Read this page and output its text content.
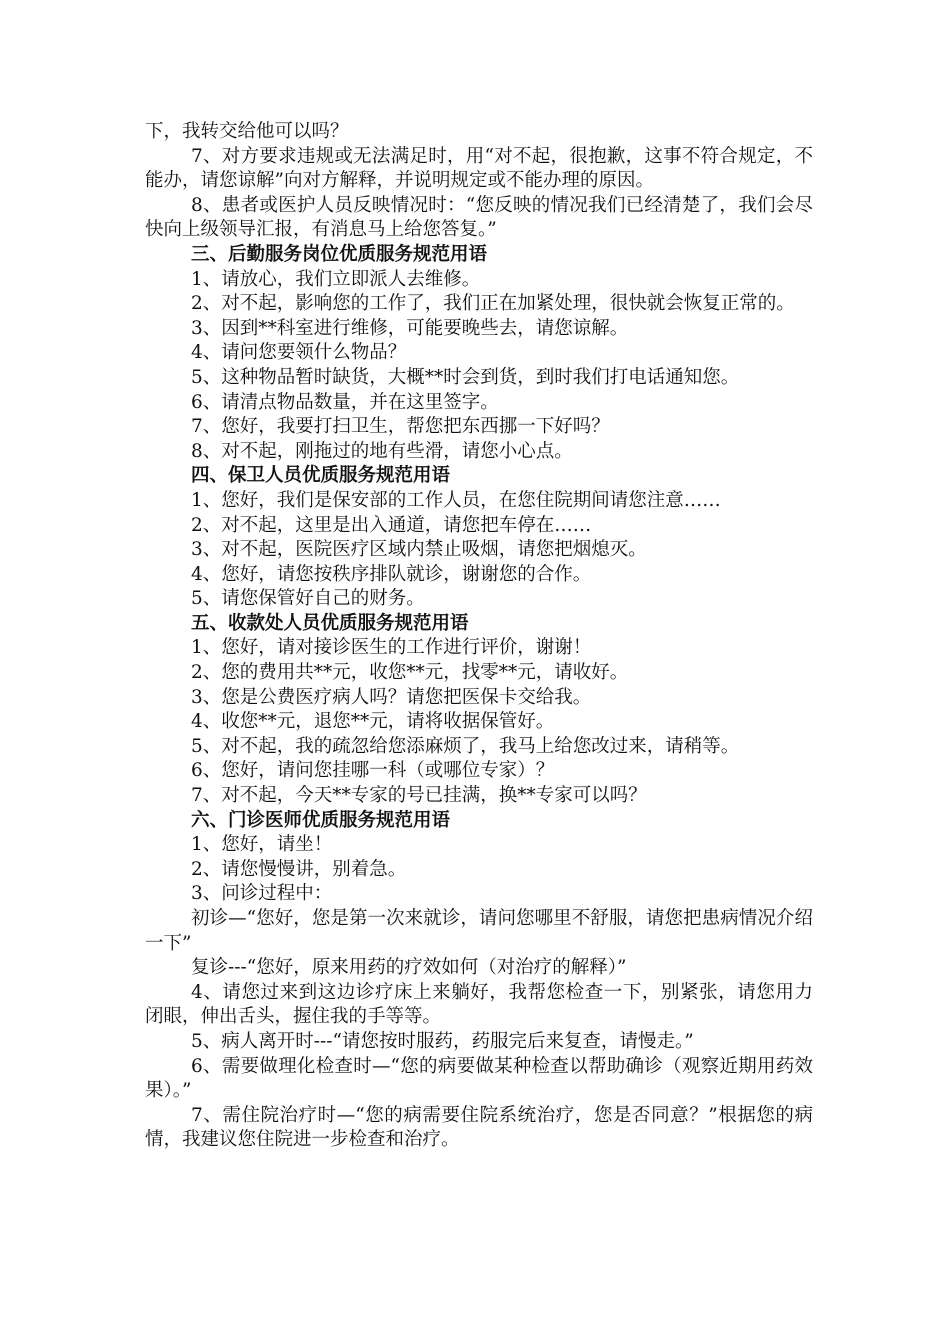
下，我转交给他可以吗？

7、对方要求违规或无法满足时，用“对不起，很抱歉，这事不符合规定，不能办，请您谅解”向对方解释，并说明规定或不能办理的原因。

8、患者或医护人员反映情况时：“您反映的情况我们已经清楚了，我们会尽快向上级领导汇报，有消息马上给您答复。”

三、后勤服务岗位优质服务规范用语

1、请放心，我们立即派人去维修。

2、对不起，影响您的工作了，我们正在加紧处理，很快就会恢复正常的。

3、因到**科室进行维修，可能要晚些去，请您谅解。

4、请问您要领什么物品？

5、这种物品暂时缺货，大概**时会到货，到时我们打电话通知您。

6、请清点物品数量，并在这里签字。

7、您好，我要打扫卫生，帮您把东西挪一下好吗？

8、对不起，刚拖过的地有些滑，请您小心点。

四、保卫人员优质服务规范用语

1、您好，我们是保安部的工作人员，在您住院期间请您注意……

2、对不起，这里是出入通道，请您把车停在……

3、对不起，医院医疗区域内禁止吸烟，请您把烟熄灭。

4、您好，请您按秩序排队就诊，谢谢您的合作。

5、请您保管好自己的财务。

五、收款处人员优质服务规范用语

1、您好，请对接诊医生的工作进行评价，谢谢！

2、您的费用共**元，收您**元，找零**元，请收好。

3、您是公费医疗病人吗？请您把医保卡交给我。

4、收您**元，退您**元，请将收据保管好。

5、对不起，我的疏忽给您添麻烦了，我马上给您改过来，请稍等。

6、您好，请问您挂哪一科（或哪位专家）？

7、对不起，今天**专家的号已挂满，换**专家可以吗？

六、门诊医师优质服务规范用语

1、您好，请坐！

2、请您慢慢讲，别着急。

3、问诊过程中：

初诊—“您好，您是第一次来就诊，请问您哪里不舒服，请您把患病情况介绍一下”

复诊---“您好，原来用药的疗效如何（对治疗的解释）”

4、请您过来到这边诊疗床上来躺好，我帮您检查一下，别紧张，请您用力闭眼，伸出舌头，握住我的手等等。

5、病人离开时---“请您按时服药，药服完后来复查，请慢走。”

6、需要做理化检查时—“您的病要做某种检查以帮助确诊（观察近期用药效果）。”

7、需住院治疗时—“您的病需要住院系统治疗，您是否同意？”根据您的病情，我建议您住院进一步检查和治疗。
